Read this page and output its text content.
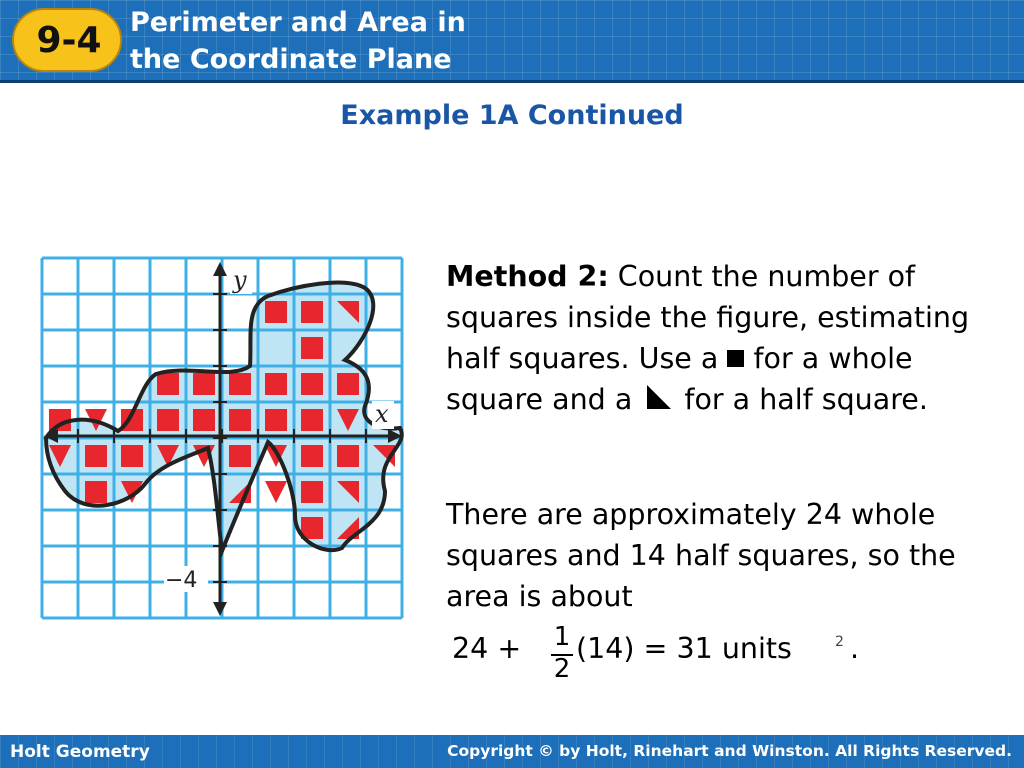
9-4	Perimeter and Area in
the Coordinate Plane
Example 1A Continued
y
x
−4
Method 2: Count the number of squares inside the figure, estimating half squares. Use a  for a whole square and a  for a half square.
There are approximately 24 whole squares and 14 half squares, so the area is about
24 + 1
2
(14) = 31 units	2 .
Holt Geometry	Copyright © by Holt, Rinehart and Winston. All Rights Reserved.
